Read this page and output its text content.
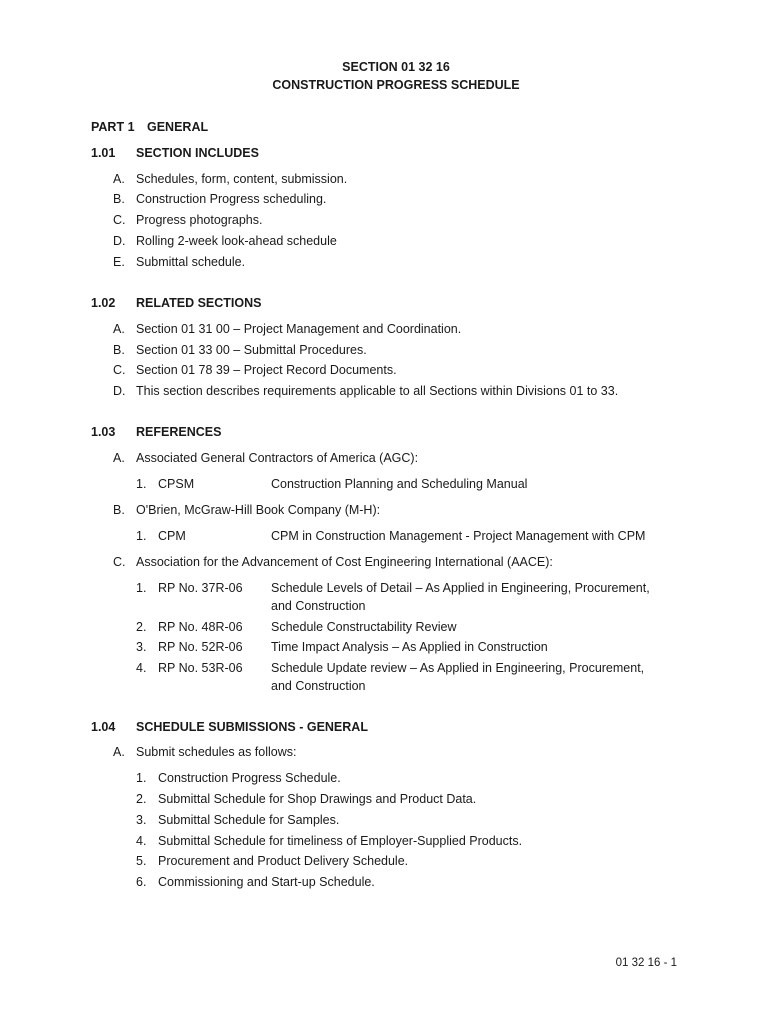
SECTION 01 32 16
CONSTRUCTION PROGRESS SCHEDULE
PART 1 GENERAL
1.01 SECTION INCLUDES
A. Schedules, form, content, submission.
B. Construction Progress scheduling.
C. Progress photographs.
D. Rolling 2-week look-ahead schedule
E. Submittal schedule.
1.02 RELATED SECTIONS
A. Section 01 31 00 – Project Management and Coordination.
B. Section 01 33 00 – Submittal Procedures.
C. Section 01 78 39 – Project Record Documents.
D. This section describes requirements applicable to all Sections within Divisions 01 to 33.
1.03 REFERENCES
A. Associated General Contractors of America (AGC):
1. CPSM	Construction Planning and Scheduling Manual
B. O'Brien, McGraw-Hill Book Company (M-H):
1. CPM	CPM in Construction Management - Project Management with CPM
C. Association for the Advancement of Cost Engineering International (AACE):
1. RP No. 37R-06 Schedule Levels of Detail – As Applied in Engineering, Procurement,
and Construction
2. RP No. 48R-06 Schedule Constructability Review
3. RP No. 52R-06 Time Impact Analysis – As Applied in Construction
4. RP No. 53R-06 Schedule Update review – As Applied in Engineering, Procurement,
and Construction
1.04 SCHEDULE SUBMISSIONS - GENERAL
A. Submit schedules as follows:
1. Construction Progress Schedule.
2. Submittal Schedule for Shop Drawings and Product Data.
3. Submittal Schedule for Samples.
4. Submittal Schedule for timeliness of Employer-Supplied Products.
5. Procurement and Product Delivery Schedule.
6. Commissioning and Start-up Schedule.
01 32 16 - 1
